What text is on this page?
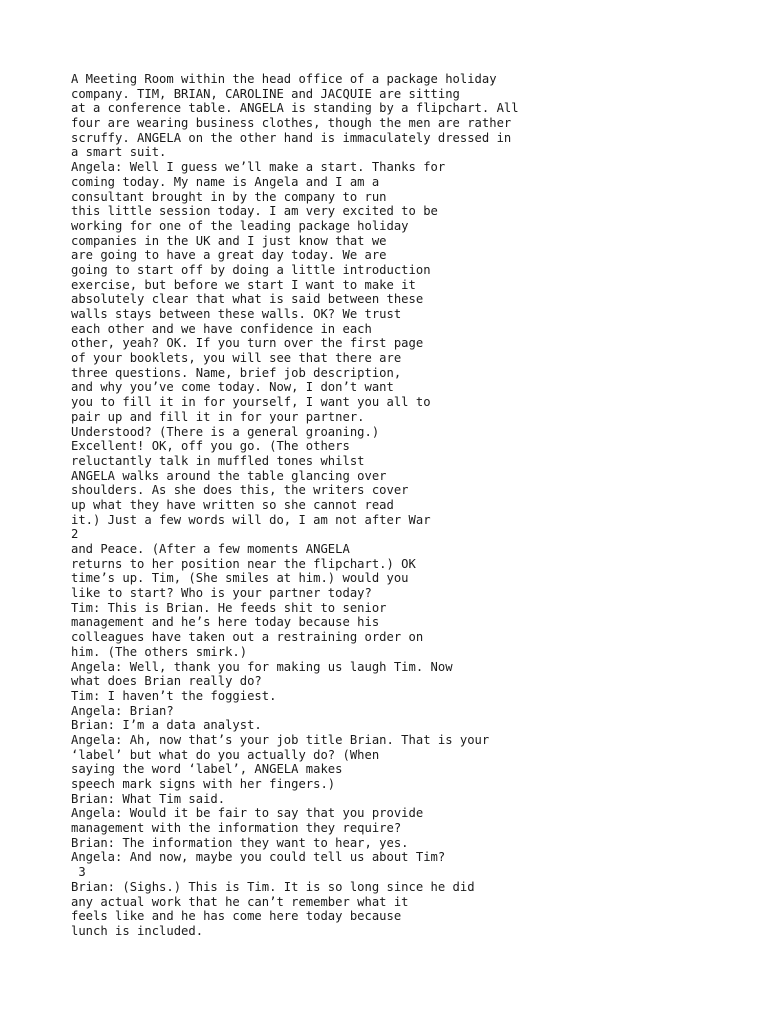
A Meeting Room within the head office of a package holiday
company. TIM, BRIAN, CAROLINE and JACQUIE are sitting
at a conference table. ANGELA is standing by a flipchart. All
four are wearing business clothes, though the men are rather
scruffy. ANGELA on the other hand is immaculately dressed in
a smart suit.
Angela: Well I guess we’ll make a start. Thanks for
coming today. My name is Angela and I am a
consultant brought in by the company to run
this little session today. I am very excited to be
working for one of the leading package holiday
companies in the UK and I just know that we
are going to have a great day today. We are
going to start off by doing a little introduction
exercise, but before we start I want to make it
absolutely clear that what is said between these
walls stays between these walls. OK? We trust
each other and we have confidence in each
other, yeah? OK. If you turn over the first page
of your booklets, you will see that there are
three questions. Name, brief job description,
and why you’ve come today. Now, I don’t want
you to fill it in for yourself, I want you all to
pair up and fill it in for your partner.
Understood? (There is a general groaning.)
Excellent! OK, off you go. (The others
reluctantly talk in muffled tones whilst
ANGELA walks around the table glancing over
shoulders. As she does this, the writers cover
up what they have written so she cannot read
it.) Just a few words will do, I am not after War
2
and Peace. (After a few moments ANGELA
returns to her position near the flipchart.) OK
time’s up. Tim, (She smiles at him.) would you
like to start? Who is your partner today?
Tim: This is Brian. He feeds shit to senior
management and he’s here today because his
colleagues have taken out a restraining order on
him. (The others smirk.)
Angela: Well, thank you for making us laugh Tim. Now
what does Brian really do?
Tim: I haven’t the foggiest.
Angela: Brian?
Brian: I’m a data analyst.
Angela: Ah, now that’s your job title Brian. That is your
‘label’ but what do you actually do? (When
saying the word ‘label’, ANGELA makes
speech mark signs with her fingers.)
Brian: What Tim said.
Angela: Would it be fair to say that you provide
management with the information they require?
Brian: The information they want to hear, yes.
Angela: And now, maybe you could tell us about Tim?
3
Brian: (Sighs.) This is Tim. It is so long since he did
any actual work that he can’t remember what it
feels like and he has come here today because
lunch is included.
